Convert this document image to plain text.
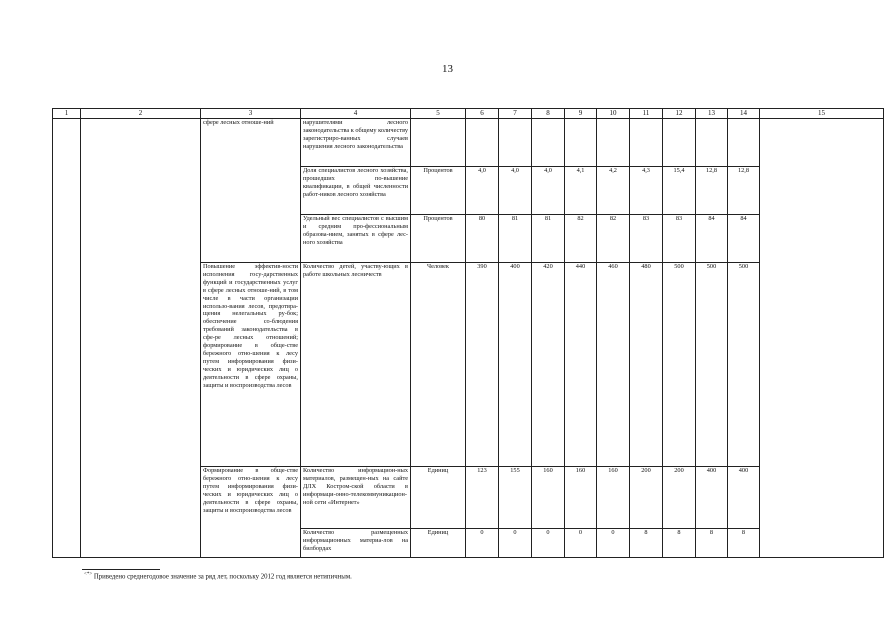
13
1	2	3	4	5	6	7	8	9	10	11	12	13	14	15
		сфере лесных отноше-ний	нарушителями лесного законодательства к общему количеству зарегистриро-ванных случаев нарушения лесного законодательства											
			Доля специалистов лесного хозяйства, прошедших по-вышение квалификации, в общей численности работ-ников лесного хозяйства	Процентов	4,0	4,0	4,0	4,1	4,2	4,3	15,4	12,8	12,8	
			Удельный вес специалистов с высшим и средним про-фессиональным образова-нием, занятых в сфере лес-ного хозяйства	Процентов	80	81	81	82	82	83	83	84	84	
		Повышение эффектив-ности исполнения госу-дарственных функций и государственных услуг в сфере лесных отноше-ний, в том числе в части организации использо-вания лесов, предотвра-щения нелегальных ру-бок; обеспечение со-блюдения требований законодательства в сфе-ре лесных отношений; формирование в обще-стве бережного отно-шения к лесу путем информирования физи-ческих и юридических лиц о деятельности в сфере охраны, защиты и воспроизводства лесов	Количество детей, участву-ющих в работе школьных лесничеств	Человек	390	400	420	440	460	480	500	500	500	
		Формирование в обще-стве бережного отно-шения к лесу путем информирования физи-ческих и юридических лиц о деятельности в сфере охраны, защиты и воспроизводства лесов	Количество информацион-ных материалов, размещен-ных на сайте ДЛХ Костром-ской области в информаци-онно-телекоммуникацион-ной сети «Интернет»	Единиц	123	155	160	160	160	200	200	400	400	
			Количество размещенных информационных материа-лов на билбордах	Единиц	0	0	0	0	0	8	8	8	8	
<*> Приведено среднегодовое значение за ряд лет, поскольку 2012 год является нетипичным.
